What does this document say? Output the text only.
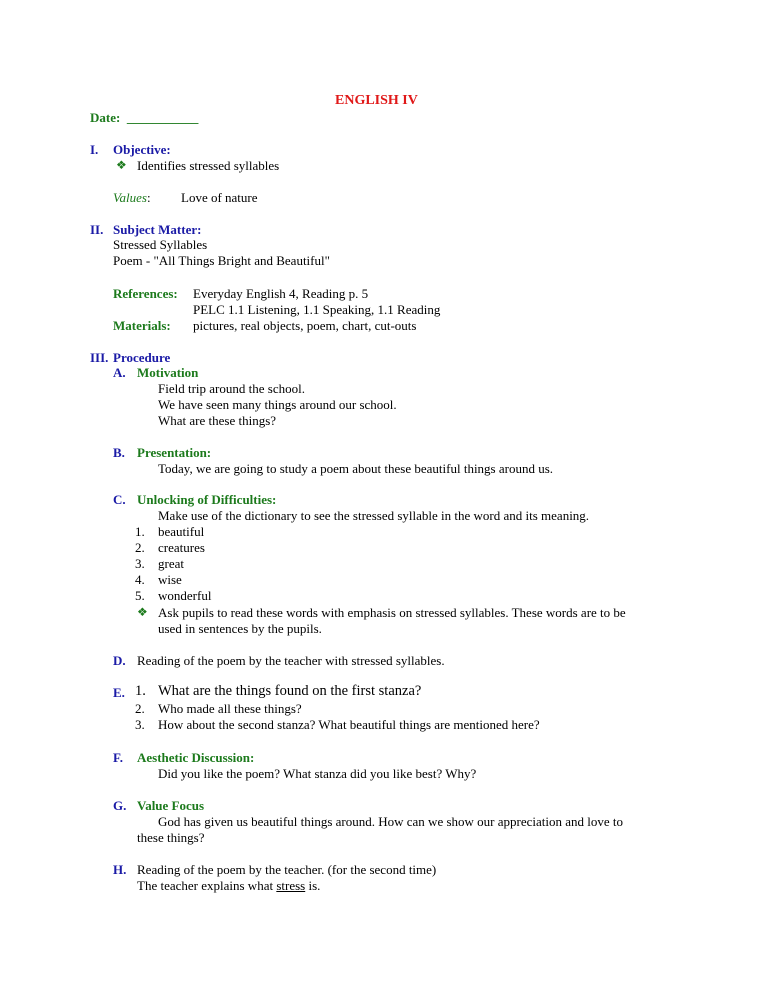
ENGLISH IV
Date: ___________
I. Objective:
❖ Identifies stressed syllables
Values: Love of nature
II. Subject Matter:
Stressed Syllables
Poem - "All Things Bright and Beautiful"
References: Everyday English 4, Reading p. 5
PELC 1.1 Listening, 1.1 Speaking, 1.1 Reading
Materials: pictures, real objects, poem, chart, cut-outs
III. Procedure
A. Motivation
Field trip around the school.
We have seen many things around our school.
What are these things?
B. Presentation:
Today, we are going to study a poem about these beautiful things around us.
C. Unlocking of Difficulties:
Make use of the dictionary to see the stressed syllable in the word and its meaning.
1. beautiful
2. creatures
3. great
4. wise
5. wonderful
❖ Ask pupils to read these words with emphasis on stressed syllables. These words are to be
used in sentences by the pupils.
D. Reading of the poem by the teacher with stressed syllables.
E. 1. What are the things found on the first stanza?
2. Who made all these things?
3. How about the second stanza? What beautiful things are mentioned here?
F. Aesthetic Discussion:
Did you like the poem? What stanza did you like best? Why?
G. Value Focus
God has given us beautiful things around. How can we show our appreciation and love to
these things?
H. Reading of the poem by the teacher. (for the second time)
The teacher explains what stress is.
